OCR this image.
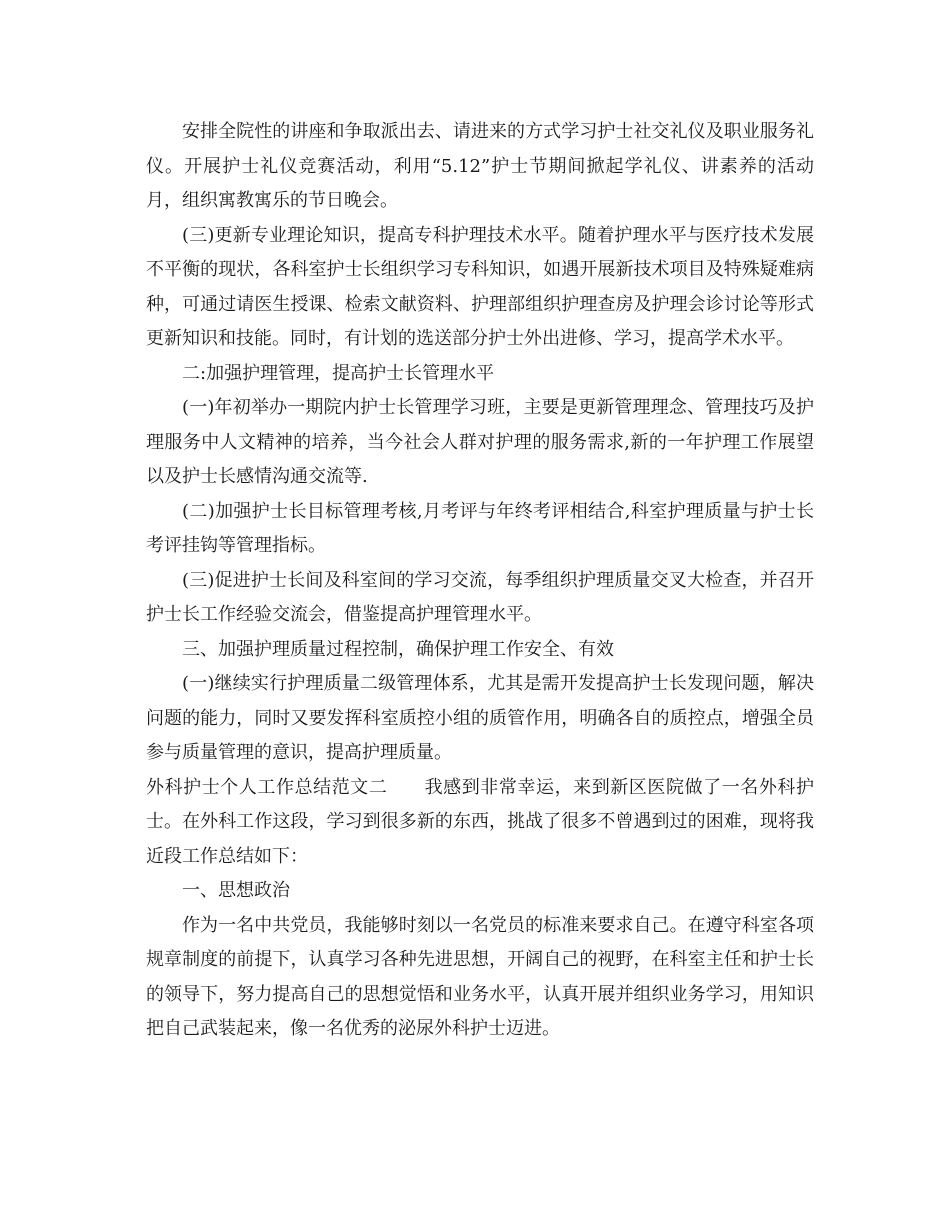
安排全院性的讲座和争取派出去、请进来的方式学习护士社交礼仪及职业服务礼仪。开展护士礼仪竞赛活动，利用“5.12”护士节期间掀起学礼仪、讲素养的活动月，组织寓教寓乐的节日晚会。

(三)更新专业理论知识，提高专科护理技术水平。随着护理水平与医疗技术发展不平衡的现状，各科室护士长组织学习专科知识，如遇开展新技术项目及特殊疑难病种，可通过请医生授课、检索文献资料、护理部组织护理查房及护理会诊讨论等形式更新知识和技能。同时，有计划的选送部分护士外出进修、学习，提高学术水平。

二:加强护理管理，提高护士长管理水平

(一)年初举办一期院内护士长管理学习班，主要是更新管理理念、管理技巧及护理服务中人文精神的培养，当今社会人群对护理的服务需求,新的一年护理工作展望以及护士长感情沟通交流等.

(二)加强护士长目标管理考核,月考评与年终考评相结合,科室护理质量与护士长考评挂钩等管理指标。

(三)促进护士长间及科室间的学习交流，每季组织护理质量交叉大检查，并召开护士长工作经验交流会，借鉴提高护理管理水平。

三、加强护理质量过程控制，确保护理工作安全、有效

(一)继续实行护理质量二级管理体系，尤其是需开发提高护士长发现问题，解决问题的能力，同时又要发挥科室质控小组的质管作用，明确各自的质控点，增强全员参与质量管理的意识，提高护理质量。

外科护士个人工作总结范文二　　我感到非常幸运，来到新区医院做了一名外科护士。在外科工作这段，学习到很多新的东西，挑战了很多不曾遇到过的困难，现将我近段工作总结如下：

一、思想政治

作为一名中共党员，我能够时刻以一名党员的标准来要求自己。在遵守科室各项规章制度的前提下，认真学习各种先进思想，开阔自己的视野，在科室主任和护士长的领导下，努力提高自己的思想觉悟和业务水平，认真开展并组织业务学习，用知识把自己武装起来，像一名优秀的泌尿外科护士迈进。
